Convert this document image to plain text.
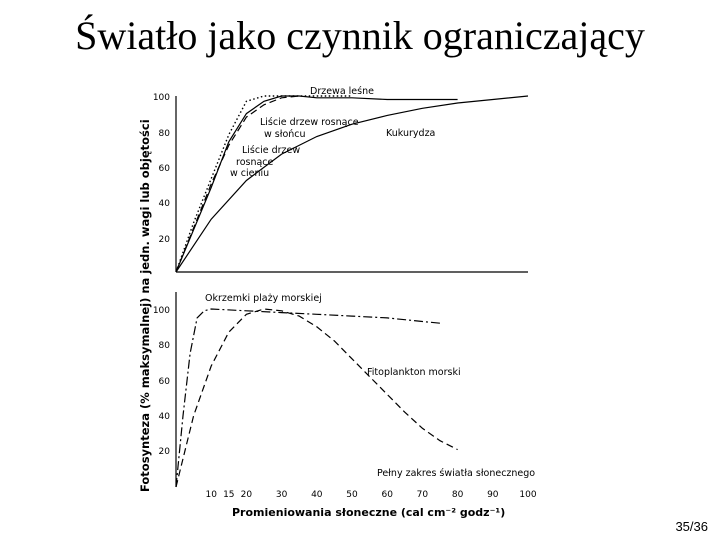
Światło jako czynnik ograniczający
Fotosynteza (% maksymalnej) na jedn. wagi lub objętości
Promieniowania słoneczne (cal cm⁻² godz⁻¹)
100
80
60
40
20
100
80
60
40
20
10 15 20	30	40	50	60	70	80	90 100
Drzewa leśne
Liście drzew rosnące
w słońcu
Liście drzew
rosnące
w cieniu
Kukurydza
Okrzemki plaży morskiej
Fitoplankton morski
Pełny zakres światła słonecznego
35/36
